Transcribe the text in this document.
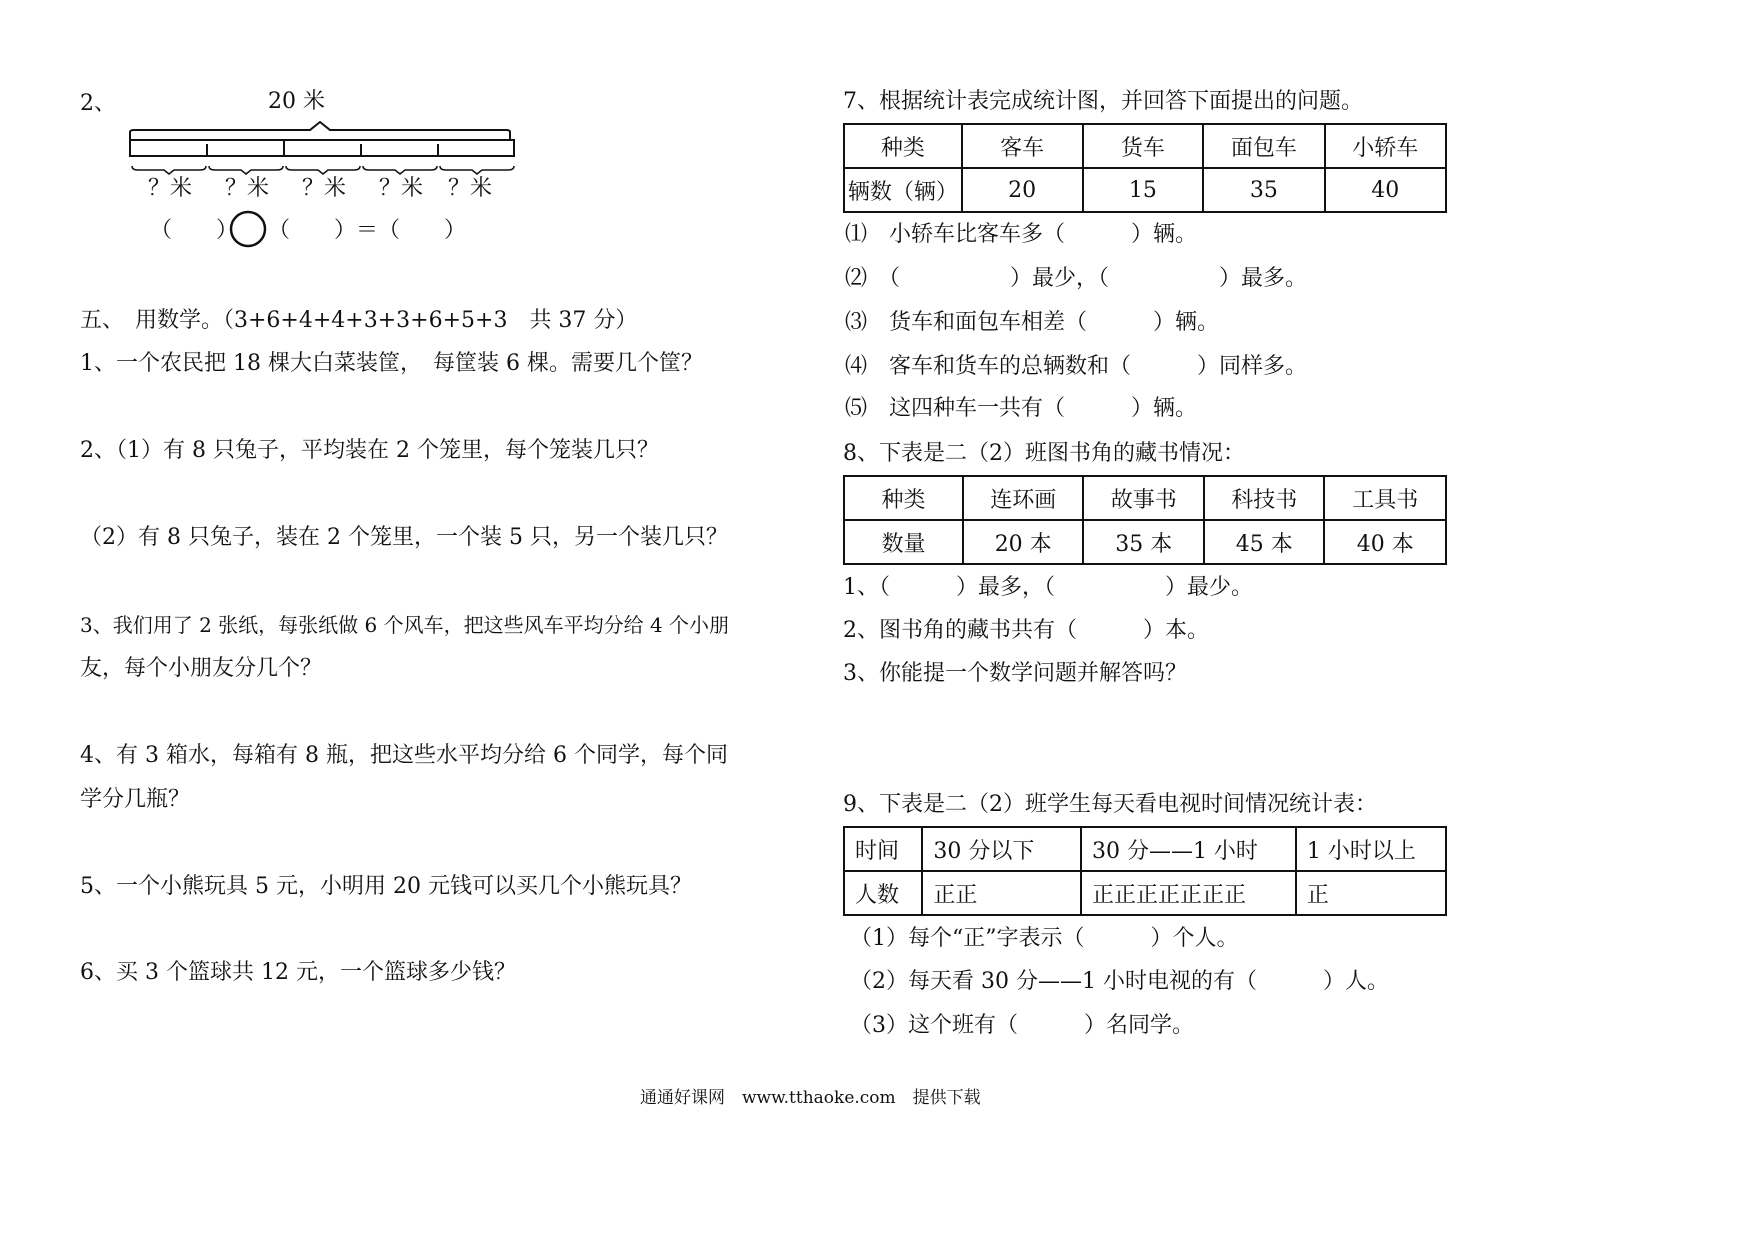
2、	20 米
？米 ？米 ？米 ？米 ？米
（　　） （　　）＝（　　）
五、　用数学。（3+6+4+4+3+3+6+5+3　共 37 分）
1、一个农民把 18 棵大白菜装筐，　每筐装 6 棵。需要几个筐？
2、（1）有 8 只兔子，平均装在 2 个笼里，每个笼装几只？
（2）有 8 只兔子，装在 2 个笼里，一个装 5 只，另一个装几只？
3、我们用了 2 张纸，每张纸做 6 个风车，把这些风车平均分给 4 个小朋
友，每个小朋友分几个？
4、有 3 箱水，每箱有 8 瓶，把这些水平均分给 6 个同学，每个同
学分几瓶？
5、一个小熊玩具 5 元，小明用 20 元钱可以买几个小熊玩具？
6、买 3 个篮球共 12 元，一个篮球多少钱？
7、根据统计表完成统计图，并回答下面提出的问题。
种类	客车	货车	面包车	小轿车
辆数（辆）	20	15	35	40
⑴　小轿车比客车多（　　　）辆。
⑵　（　　　　　）最少，（　　　　　）最多。
⑶　货车和面包车相差（　　　）辆。
⑷　客车和货车的总辆数和（　　　）同样多。
⑸　这四种车一共有（　　　）辆。
8、下表是二（2）班图书角的藏书情况：
种类	连环画	故事书	科技书	工具书
数量	20 本	35 本	45 本	40 本
1、（　　　）最多，（　　　　　）最少。
2、图书角的藏书共有（　　　）本。
3、你能提一个数学问题并解答吗？
9、下表是二（2）班学生每天看电视时间情况统计表：
时间	30 分以下	30 分——1 小时	1 小时以上
人数	正正	正正正正正正正	正
（1）每个“正”字表示（　　　）个人。
（2）每天看 30 分——1 小时电视的有（　　　）人。
（3）这个班有（　　　）名同学。
通通好课网　www.tthaoke.com　提供下载
